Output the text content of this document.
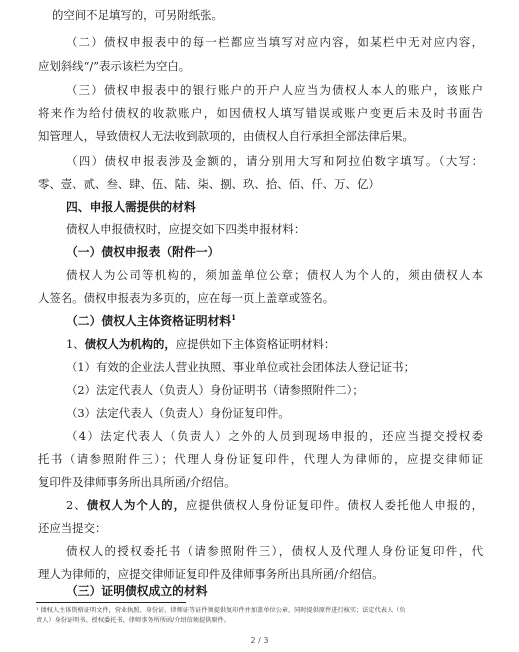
的空间不足填写的，可另附纸张。
（二）债权申报表中的每一栏都应当填写对应内容，如某栏中无对应内容，
应划斜线“/”表示该栏为空白。
（三）债权申报表中的银行账户的开户人应当为债权人本人的账户，该账户
将来作为给付债权的收款账户，如因债权人填写错误或账户变更后未及时书面告
知管理人，导致债权人无法收到款项的，由债权人自行承担全部法律后果。
（四）债权申报表涉及金额的，请分别用大写和阿拉伯数字填写。（大写：
零、壹、贰、叁、肆、伍、陆、柒、捌、玖、拾、佰、仟、万、亿）
四、申报人需提供的材料
债权人申报债权时，应提交如下四类申报材料：
（一）债权申报表（附件一）
债权人为公司等机构的，须加盖单位公章；债权人为个人的，须由债权人本
人签名。债权申报表为多页的，应在每一页上盖章或签名。
（二）债权人主体资格证明材料$^1$
1、债权人为机构的，应提供如下主体资格证明材料：
（1）有效的企业法人营业执照、事业单位或社会团体法人登记证书；
（2）法定代表人（负责人）身份证明书（请参照附件二）；
（3）法定代表人（负责人）身份证复印件。
（4）法定代表人（负责人）之外的人员到现场申报的，还应当提交授权委
托书（请参照附件三）；代理人身份证复印件，代理人为律师的，应提交律师证
复印件及律师事务所出具所函/介绍信。
2、债权人为个人的，应提供债权人身份证复印件。债权人委托他人申报的，
还应当提交：
债权人的授权委托书（请参照附件三），债权人及代理人身份证复印件，代
理人为律师的，应提交律师证复印件及律师事务所出具所函/介绍信。
（三）证明债权成立的材料
¹ 债权人主体资格证明文件，营业执照、身份证、律师证等证件须提供复印件并加盖单位公章，同时提供原件进行核实；法定代表人（负
责人）身份证明书、授权委托书、律师事务所所函/介绍信须提供原件。
2 / 3
